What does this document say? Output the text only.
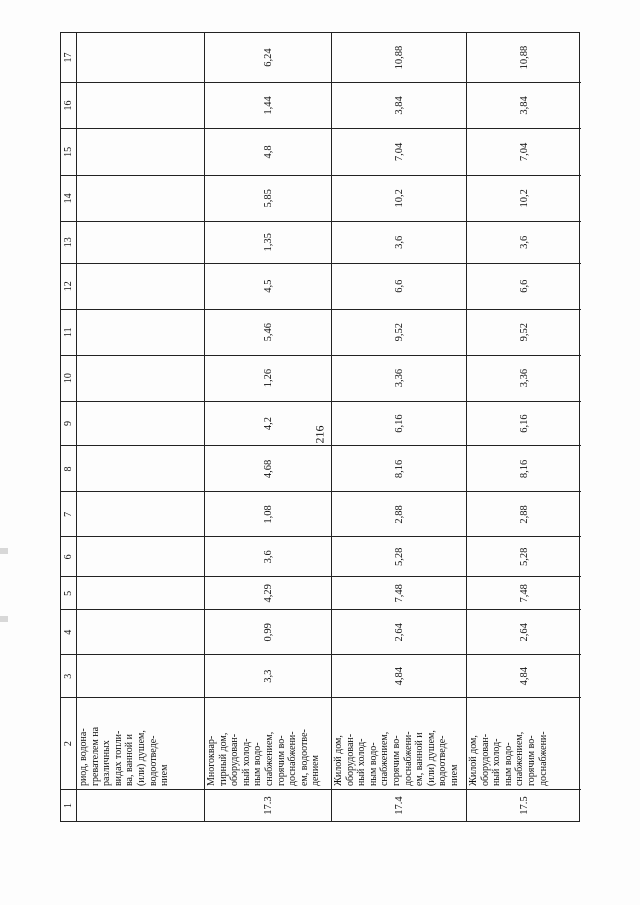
216
1
2
3
4
5
6
7
8
9
10
11
12
13
14
15
16
17
риод, водона-
гревателем на
различных
видах топли-
ва, ванной и
(или) душем,
водоотведе-
нием
17.3
Многоквар-
тирный дом,
оборудован-
ный холод-
ным водо-
снабжением,
горячим во-
доснабжени-
ем, водоотве-
дением
3,3
0,99
4,29
3,6
1,08
4,68
4,2
1,26
5,46
4,5
1,35
5,85
4,8
1,44
6,24
17.4
Жилой дом,
оборудован-
ный холод-
ным водо-
снабжением,
горячим во-
доснабжени-
ем, ванной и
(или) душем,
водоотведе-
нием
4,84
2,64
7,48
5,28
2,88
8,16
6,16
3,36
9,52
6,6
3,6
10,2
7,04
3,84
10,88
17.5
Жилой дом,
оборудован-
ный холод-
ным водо-
снабжением,
горячим во-
доснабжени-
4,84
2,64
7,48
5,28
2,88
8,16
6,16
3,36
9,52
6,6
3,6
10,2
7,04
3,84
10,88
